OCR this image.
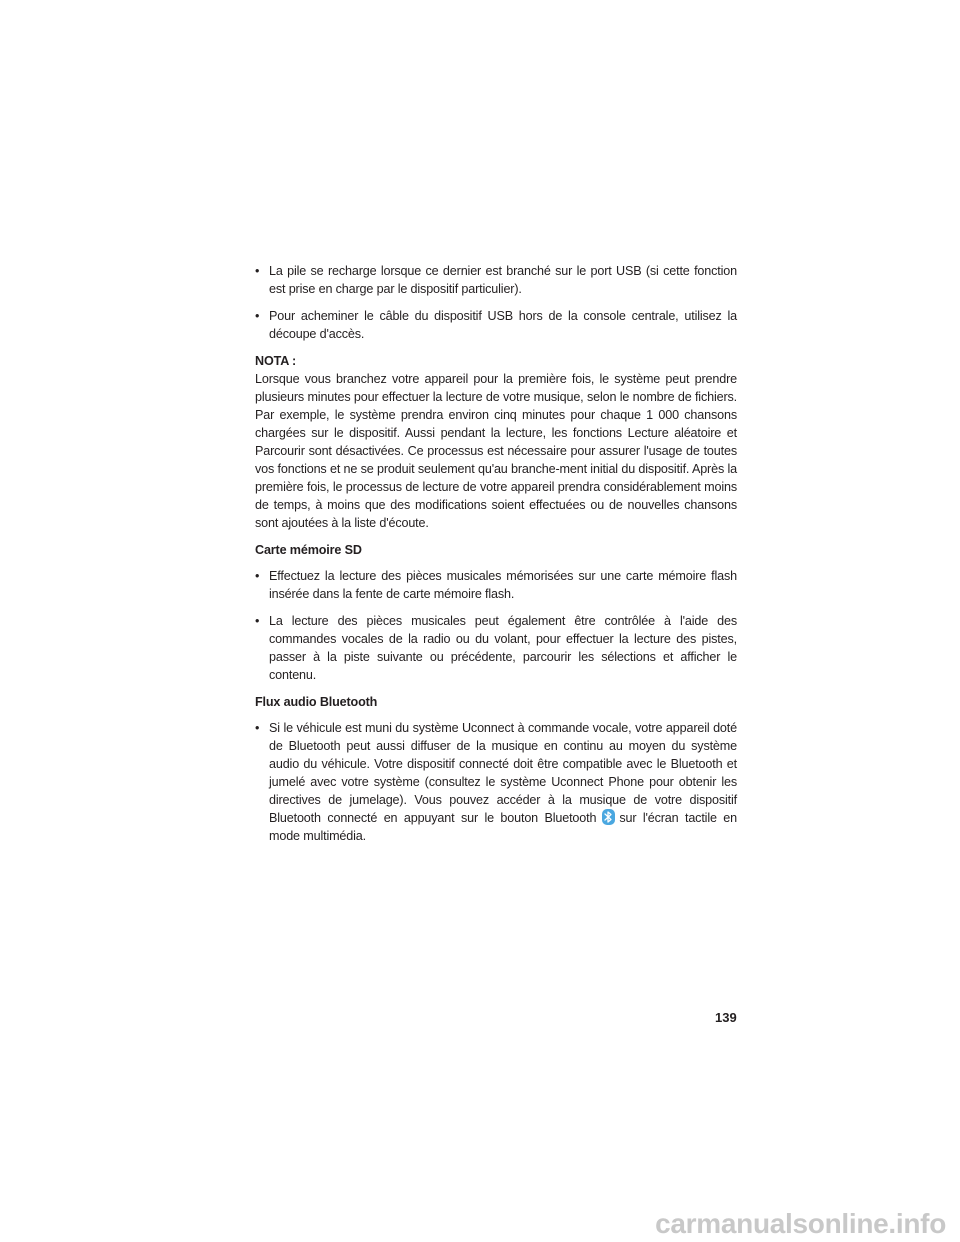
• La pile se recharge lorsque ce dernier est branché sur le port USB (si cette fonction est prise en charge par le dispositif particulier).
• Pour acheminer le câble du dispositif USB hors de la console centrale, utilisez la découpe d'accès.
NOTA :
Lorsque vous branchez votre appareil pour la première fois, le système peut prendre plusieurs minutes pour effectuer la lecture de votre musique, selon le nombre de fichiers. Par exemple, le système prendra environ cinq minutes pour chaque 1 000 chansons chargées sur le dispositif. Aussi pendant la lecture, les fonctions Lecture aléatoire et Parcourir sont désactivées. Ce processus est nécessaire pour assurer l'usage de toutes vos fonctions et ne se produit seulement qu'au branche-ment initial du dispositif. Après la première fois, le processus de lecture de votre appareil prendra considérablement moins de temps, à moins que des modifications soient effectuées ou de nouvelles chansons sont ajoutées à la liste d'écoute.
Carte mémoire SD
• Effectuez la lecture des pièces musicales mémorisées sur une carte mémoire flash insérée dans la fente de carte mémoire flash.
• La lecture des pièces musicales peut également être contrôlée à l'aide des commandes vocales de la radio ou du volant, pour effectuer la lecture des pistes, passer à la piste suivante ou précédente, parcourir les sélections et afficher le contenu.
Flux audio Bluetooth
• Si le véhicule est muni du système Uconnect à commande vocale, votre appareil doté de Bluetooth peut aussi diffuser de la musique en continu au moyen du système audio du véhicule. Votre dispositif connecté doit être compatible avec le Bluetooth et jumelé avec votre système (consultez le système Uconnect Phone pour obtenir les directives de jumelage). Vous pouvez accéder à la musique de votre dispositif Bluetooth connecté en appuyant sur le bouton Bluetooth sur l'écran tactile en mode multimédia.
139
carmanualsonline.info
